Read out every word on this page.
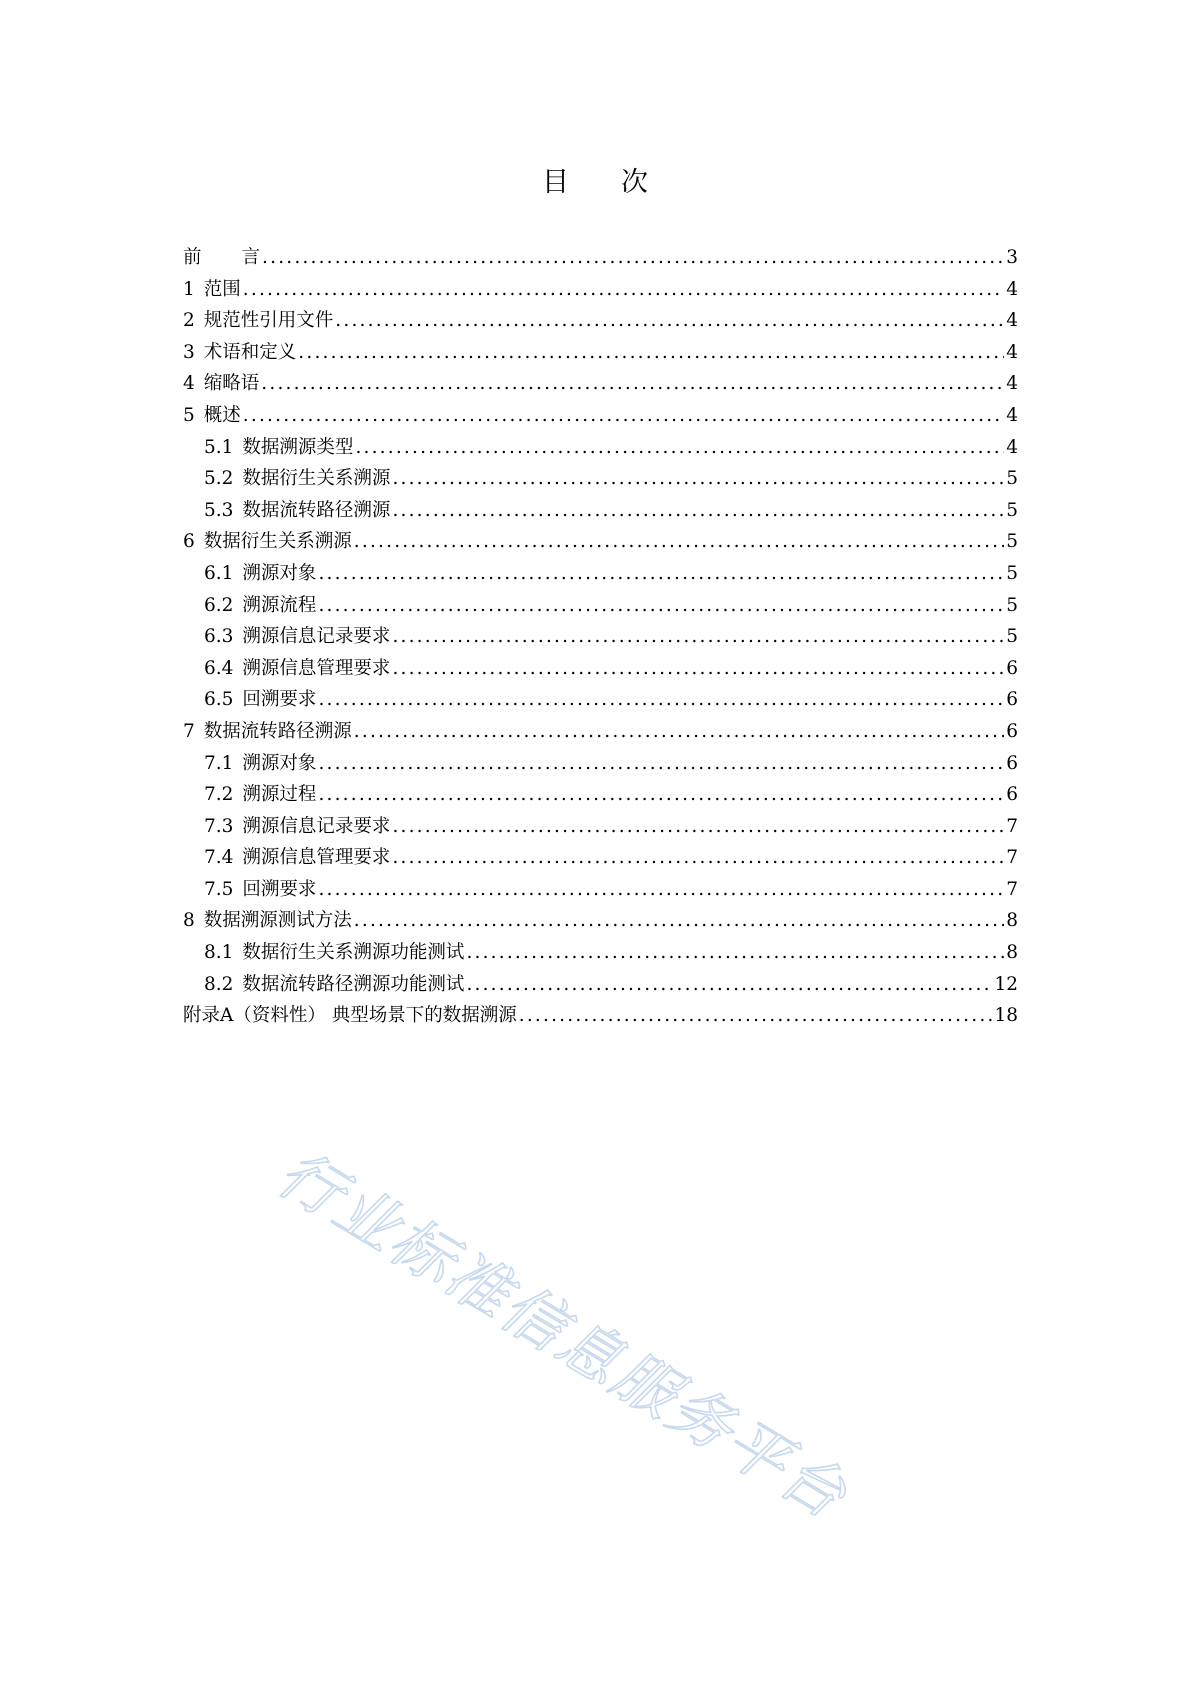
目 次
前 言 .....	3
1 范围 .....	4
2 规范性引用文件 .....	4
3 术语和定义 .....	4
4 缩略语 .....	4
5 概述 .....	4
5.1 数据溯源类型 .....	4
5.2 数据衍生关系溯源 .....	5
5.3 数据流转路径溯源 .....	5
6 数据衍生关系溯源 .....	5
6.1 溯源对象 .....	5
6.2 溯源流程 .....	5
6.3 溯源信息记录要求 .....	5
6.4 溯源信息管理要求 .....	6
6.5 回溯要求 .....	6
7 数据流转路径溯源 .....	6
7.1 溯源对象 .....	6
7.2 溯源过程 .....	6
7.3 溯源信息记录要求 .....	7
7.4 溯源信息管理要求 .....	7
7.5 回溯要求 .....	7
8 数据溯源测试方法 .....	8
8.1 数据衍生关系溯源功能测试 .....	8
8.2 数据流转路径溯源功能测试 .....	12
附录A（资料性） 典型场景下的数据溯源 .....	18
行业标准信息服务平台
